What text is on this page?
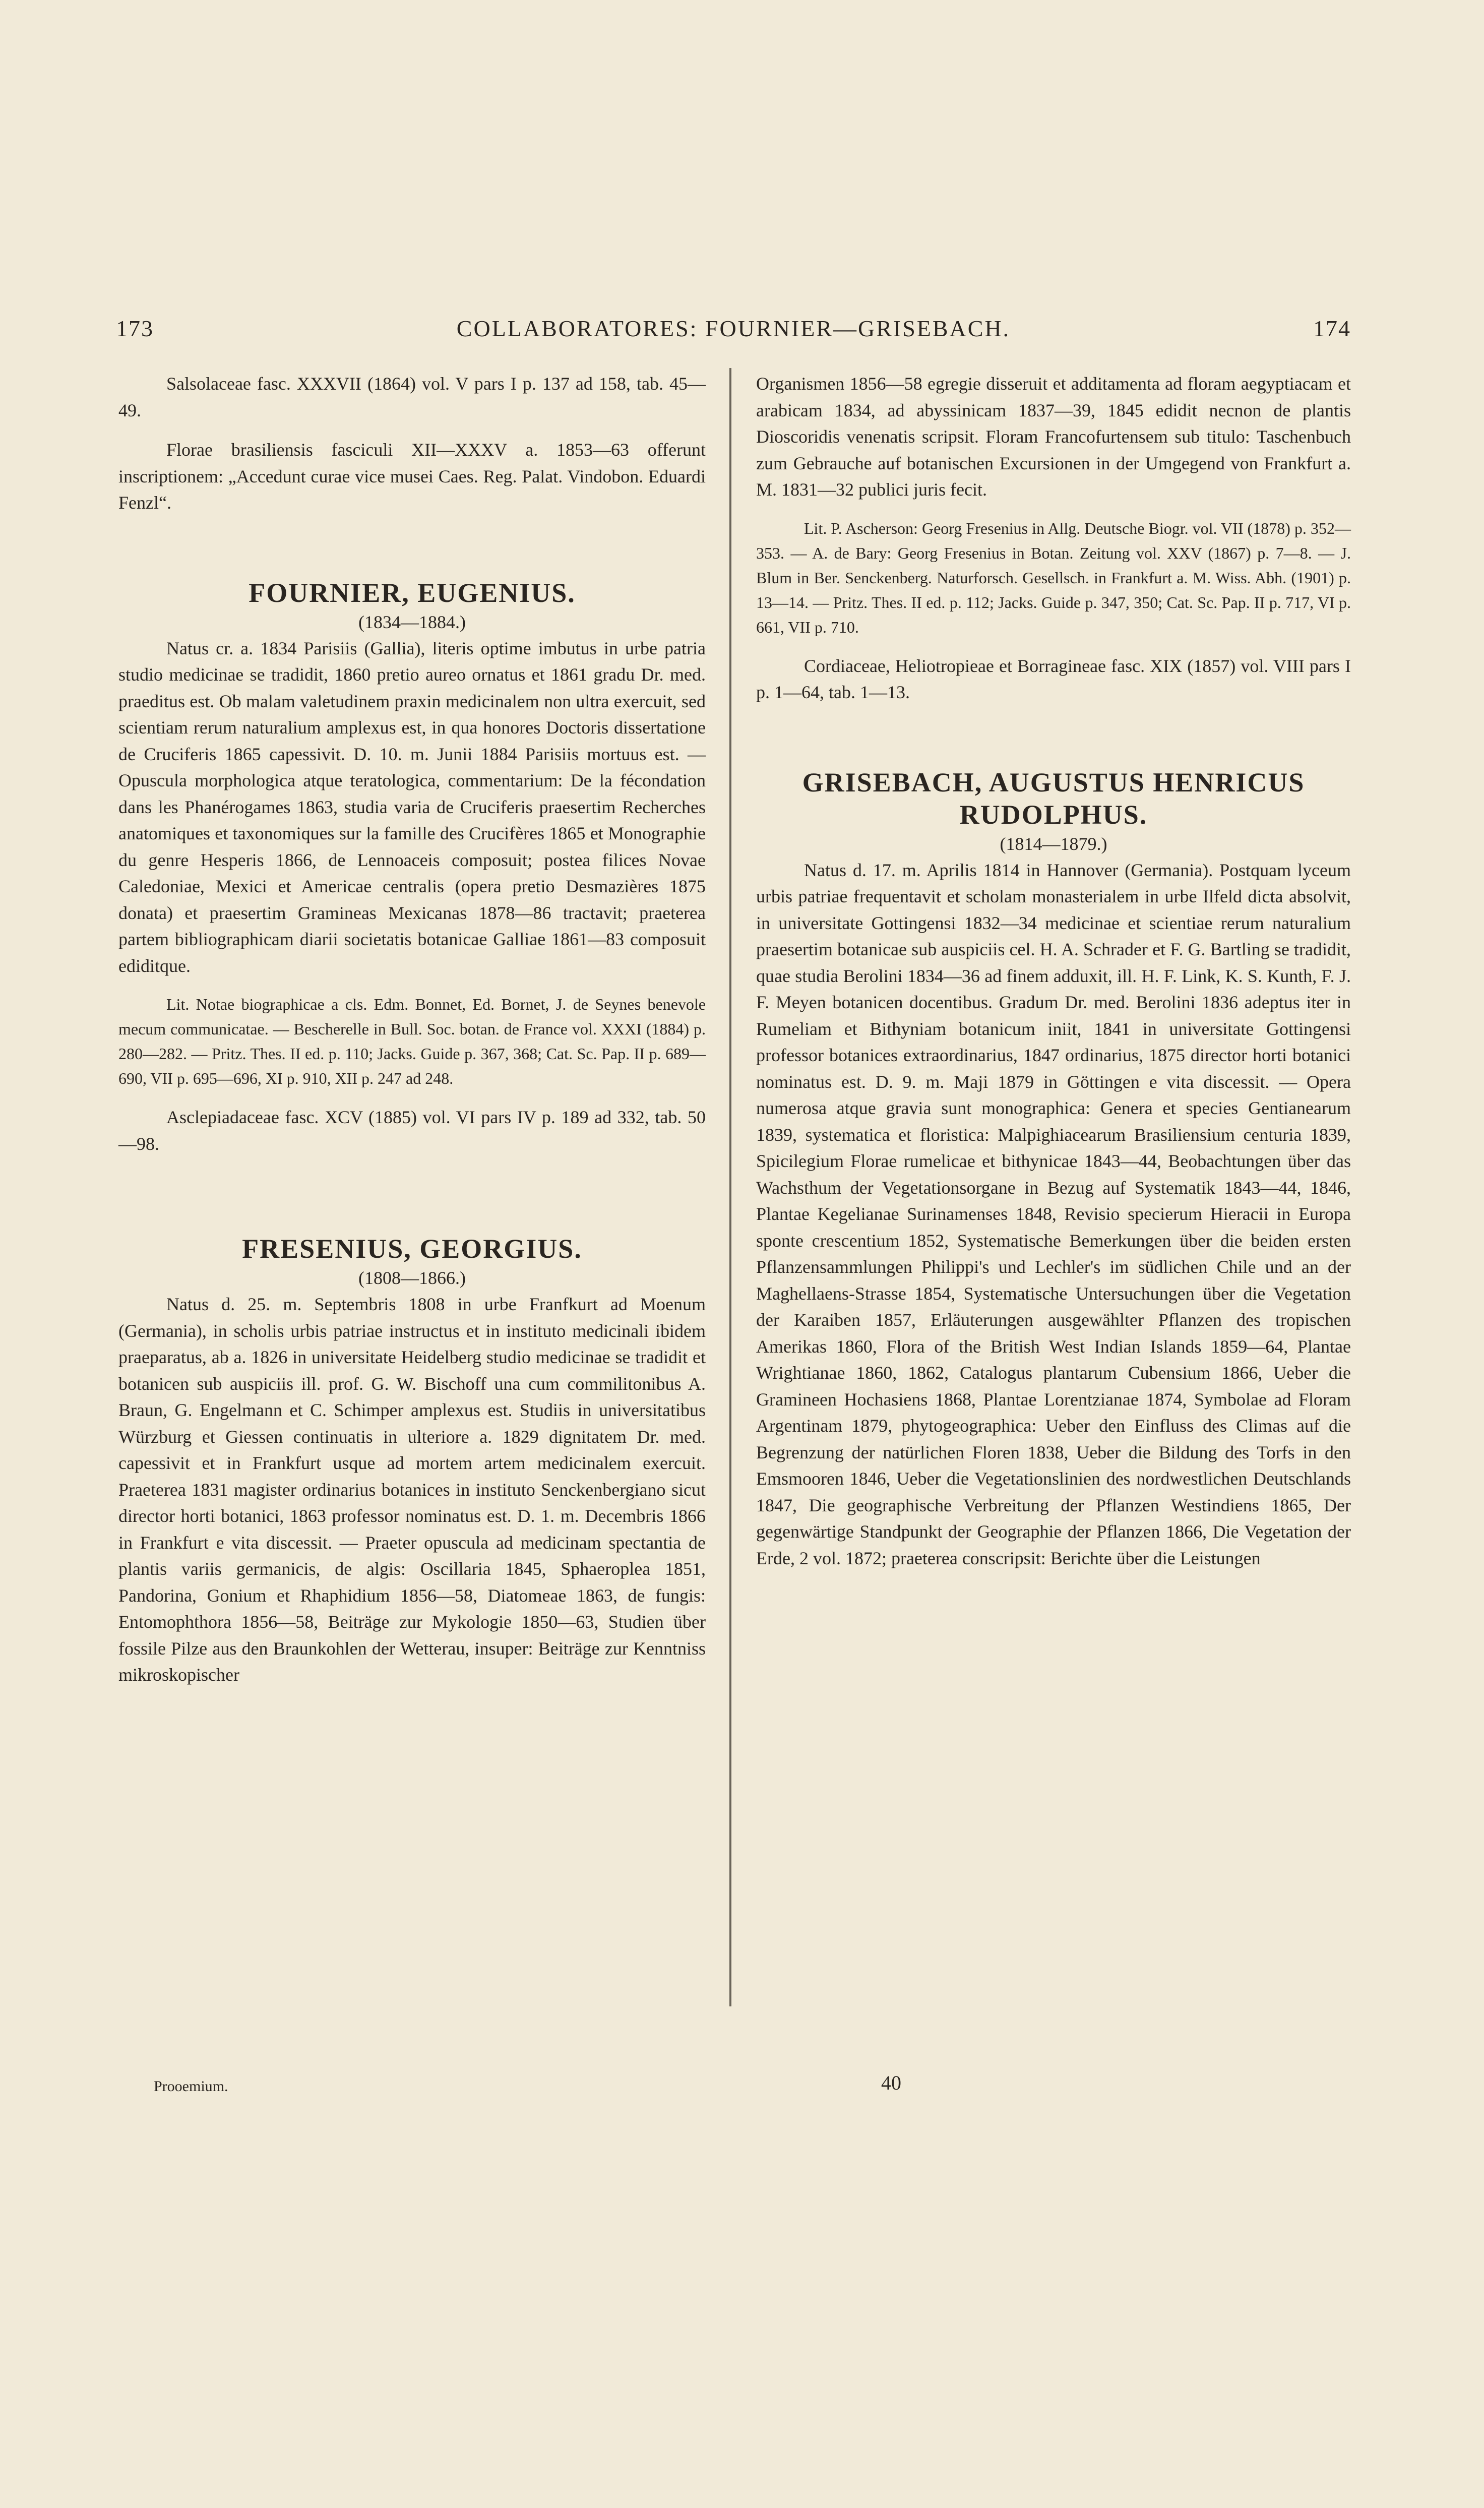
173	COLLABORATORES: FOURNIER—GRISEBACH.	174

Salsolaceae fasc. XXXVII (1864) vol. V pars I p. 137 ad 158, tab. 45—49.

Florae brasiliensis fasciculi XII—XXXV a. 1853—63 offerunt inscriptionem: „Accedunt curae vice musei Caes. Reg. Palat. Vindobon. Eduardi Fenzl“.

FOURNIER, EUGENIUS.

(1834—1884.)

Natus cr. a. 1834 Parisiis (Gallia), literis optime imbutus in urbe patria studio medicinae se tradidit, 1860 pretio aureo ornatus et 1861 gradu Dr. med. praeditus est. Ob malam valetudinem praxin medicinalem non ultra exercuit, sed scientiam rerum naturalium amplexus est, in qua honores Doctoris dissertatione de Cruciferis 1865 capessivit. D. 10. m. Junii 1884 Parisiis mortuus est. — Opuscula morphologica atque teratologica, commentarium: De la fécondation dans les Phanérogames 1863, studia varia de Cruciferis praesertim Recherches anatomiques et taxonomiques sur la famille des Crucifères 1865 et Monographie du genre Hesperis 1866, de Lennoaceis composuit; postea filices Novae Caledoniae, Mexici et Americae centralis (opera pretio Desmazières 1875 donata) et praesertim Gramineas Mexicanas 1878—86 tractavit; praeterea partem bibliographicam diarii societatis botanicae Galliae 1861—83 composuit ediditque.

Lit. Notae biographicae a cls. Edm. Bonnet, Ed. Bornet, J. de Seynes benevole mecum communicatae. — Bescherelle in Bull. Soc. botan. de France vol. XXXI (1884) p. 280—282. — Pritz. Thes. II ed. p. 110; Jacks. Guide p. 367, 368; Cat. Sc. Pap. II p. 689—690, VII p. 695—696, XI p. 910, XII p. 247 ad 248.

Asclepiadaceae fasc. XCV (1885) vol. VI pars IV p. 189 ad 332, tab. 50—98.

FRESENIUS, GEORGIUS.

(1808—1866.)

Natus d. 25. m. Septembris 1808 in urbe Franfkurt ad Moenum (Germania), in scholis urbis patriae instructus et in instituto medicinali ibidem praeparatus, ab a. 1826 in universitate Heidelberg studio medicinae se tradidit et botanicen sub auspiciis ill. prof. G. W. Bischoff una cum commilitonibus A. Braun, G. Engelmann et C. Schimper amplexus est. Studiis in universitatibus Würzburg et Giessen continuatis in ulteriore a. 1829 dignitatem Dr. med. capessivit et in Frankfurt usque ad mortem artem medicinalem exercuit. Praeterea 1831 magister ordinarius botanices in instituto Senckenbergiano sicut director horti botanici, 1863 professor nominatus est. D. 1. m. Decembris 1866 in Frankfurt e vita discessit. — Praeter opuscula ad medicinam spectantia de plantis variis germanicis, de algis: Oscillaria 1845, Sphaeroplea 1851, Pandorina, Gonium et Rhaphidium 1856—58, Diatomeae 1863, de fungis: Entomophthora 1856—58, Beiträge zur Mykologie 1850—63, Studien über fossile Pilze aus den Braunkohlen der Wetterau, insuper: Beiträge zur Kenntniss mikroskopischer

Organismen 1856—58 egregie disseruit et additamenta ad floram aegyptiacam et arabicam 1834, ad abyssinicam 1837—39, 1845 edidit necnon de plantis Dioscoridis venenatis scripsit. Floram Francofurtensem sub titulo: Taschenbuch zum Gebrauche auf botanischen Excursionen in der Umgegend von Frankfurt a. M. 1831—32 publici juris fecit.

Lit. P. Ascherson: Georg Fresenius in Allg. Deutsche Biogr. vol. VII (1878) p. 352—353. — A. de Bary: Georg Fresenius in Botan. Zeitung vol. XXV (1867) p. 7—8. — J. Blum in Ber. Senckenberg. Naturforsch. Gesellsch. in Frankfurt a. M. Wiss. Abh. (1901) p. 13—14. — Pritz. Thes. II ed. p. 112; Jacks. Guide p. 347, 350; Cat. Sc. Pap. II p. 717, VI p. 661, VII p. 710.

Cordiaceae, Heliotropieae et Borragineae fasc. XIX (1857) vol. VIII pars I p. 1—64, tab. 1—13.

GRISEBACH, AUGUSTUS HENRICUS
RUDOLPHUS.

(1814—1879.)

Natus d. 17. m. Aprilis 1814 in Hannover (Germania). Postquam lyceum urbis patriae frequentavit et scholam monasterialem in urbe Ilfeld dicta absolvit, in universitate Gottingensi 1832—34 medicinae et scientiae rerum naturalium praesertim botanicae sub auspiciis cel. H. A. Schrader et F. G. Bartling se tradidit, quae studia Berolini 1834—36 ad finem adduxit, ill. H. F. Link, K. S. Kunth, F. J. F. Meyen botanicen docentibus. Gradum Dr. med. Berolini 1836 adeptus iter in Rumeliam et Bithyniam botanicum iniit, 1841 in universitate Gottingensi professor botanices extraordinarius, 1847 ordinarius, 1875 director horti botanici nominatus est. D. 9. m. Maji 1879 in Göttingen e vita discessit. — Opera numerosa atque gravia sunt monographica: Genera et species Gentianearum 1839, systematica et floristica: Malpighiacearum Brasiliensium centuria 1839, Spicilegium Florae rumelicae et bithynicae 1843—44, Beobachtungen über das Wachsthum der Vegetationsorgane in Bezug auf Systematik 1843—44, 1846, Plantae Kegelianae Surinamenses 1848, Revisio specierum Hieracii in Europa sponte crescentium 1852, Systematische Bemerkungen über die beiden ersten Pflanzensammlungen Philippi's und Lechler's im südlichen Chile und an der Maghellaens-Strasse 1854, Systematische Untersuchungen über die Vegetation der Karaiben 1857, Erläuterungen ausgewählter Pflanzen des tropischen Amerikas 1860, Flora of the British West Indian Islands 1859—64, Plantae Wrightianae 1860, 1862, Catalogus plantarum Cubensium 1866, Ueber die Gramineen Hochasiens 1868, Plantae Lorentzianae 1874, Symbolae ad Floram Argentinam 1879, phytogeographica: Ueber den Einfluss des Climas auf die Begrenzung der natürlichen Floren 1838, Ueber die Bildung des Torfs in den Emsmooren 1846, Ueber die Vegetationslinien des nordwestlichen Deutschlands 1847, Die geographische Verbreitung der Pflanzen Westindiens 1865, Der gegenwärtige Standpunkt der Geographie der Pflanzen 1866, Die Vegetation der Erde, 2 vol. 1872; praeterea conscripsit: Berichte über die Leistungen

Prooemium.	40
